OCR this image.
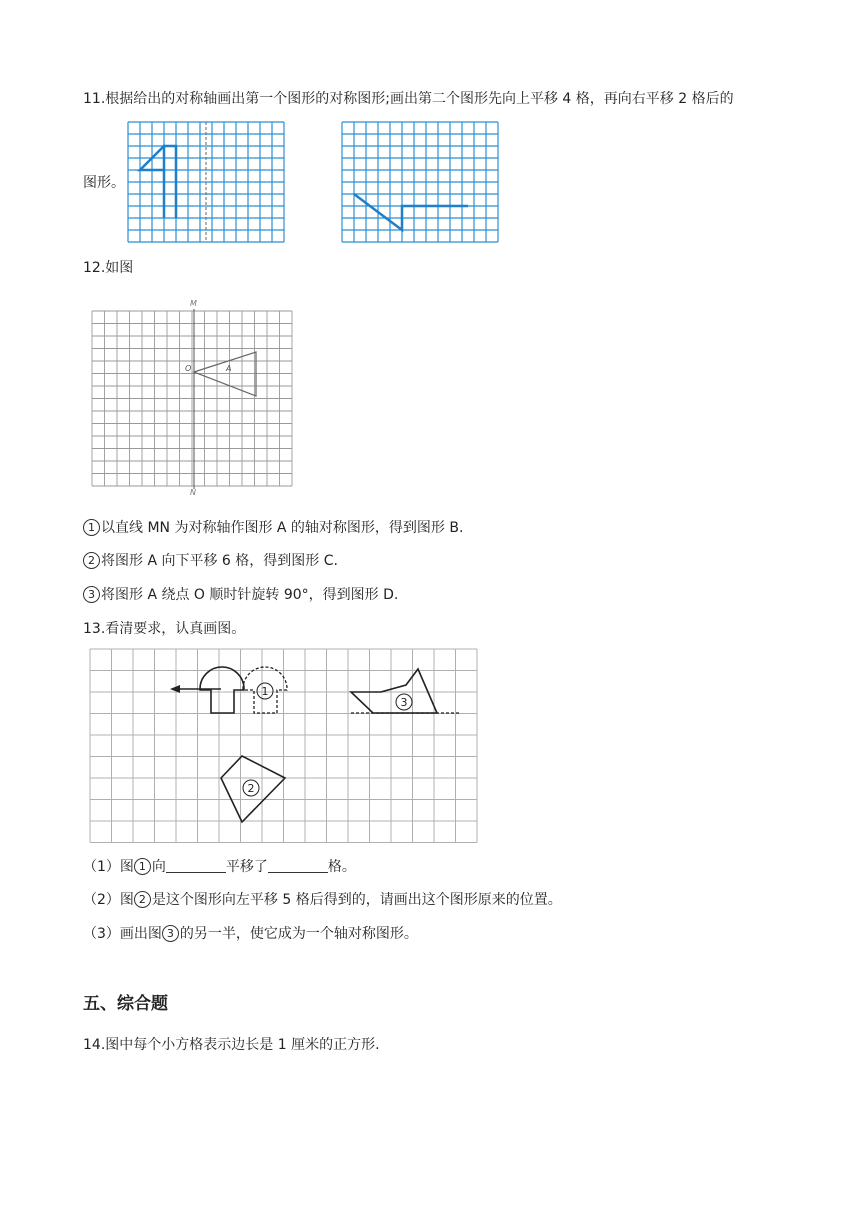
11.根据给出的对称轴画出第一个图形的对称图形;画出第二个图形先向上平移 4 格，再向右平移 2 格后的
图形。
12.如图
M
N
O	A
1 以直线 MN 为对称轴作图形 A 的轴对称图形，得到图形 B.
2 将图形 A 向下平移 6 格，得到图形 C.
3 将图形 A 绕点 O 顺时针旋转 90°，得到图形 D.
13.看清要求，认真画图。
1
3
2
（1）图 1 向	平移了	格。
（2）图 2 是这个图形向左平移 5 格后得到的，请画出这个图形原来的位置。
（3）画出图 3 的另一半，使它成为一个轴对称图形。
五、综合题
14.图中每个小方格表示边长是 1 厘米的正方形.
